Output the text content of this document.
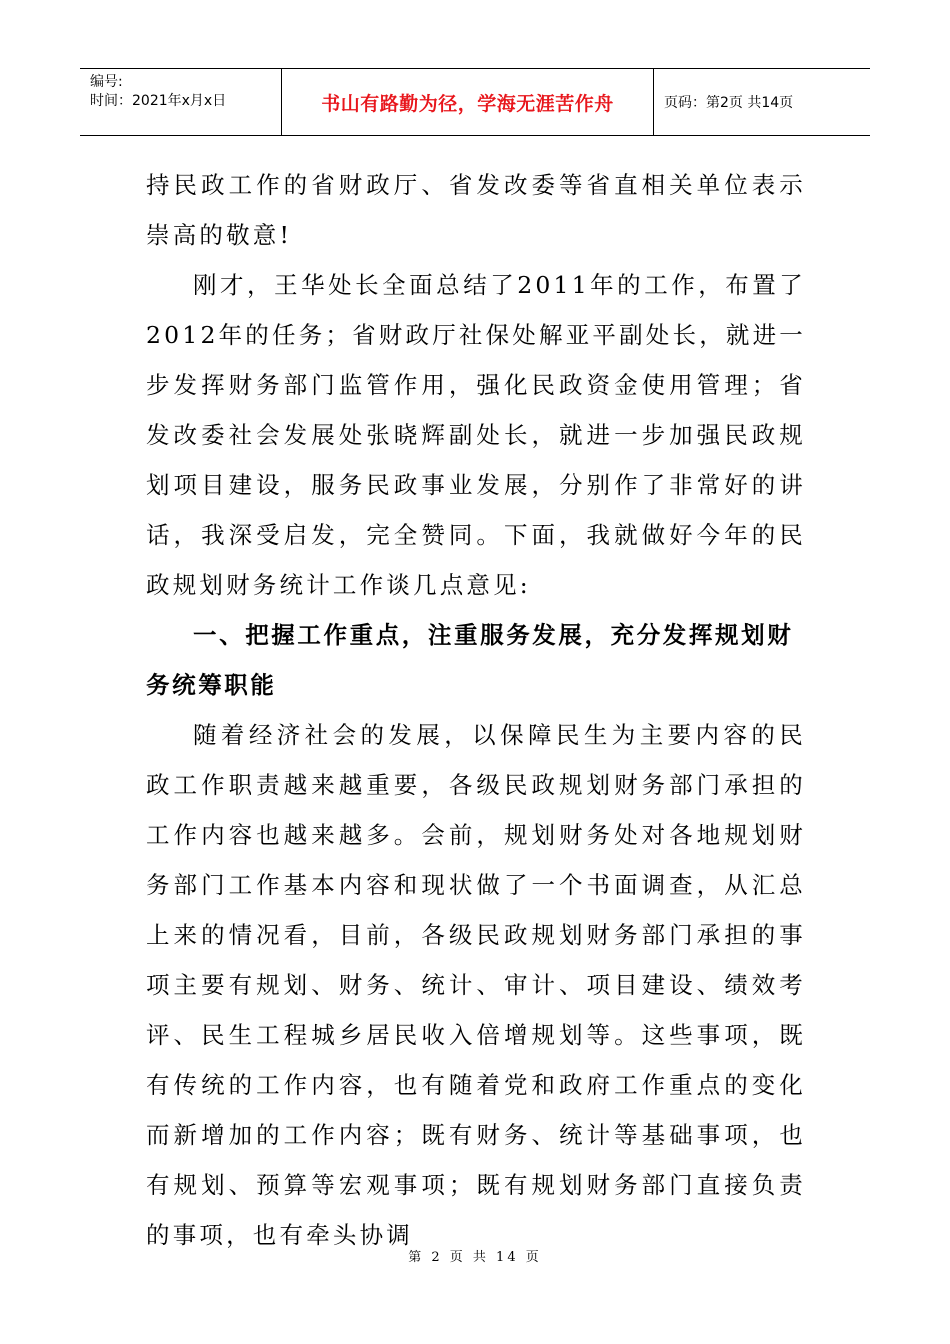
编号:
时间：2021年x月x日	书山有路勤为径，学海无涯苦作舟	页码：第2页 共14页

持民政工作的省财政厅、省发改委等省直相关单位表示崇高的敬意!

刚才，王华处长全面总结了2011年的工作，布置了2012年的任务；省财政厅社保处解亚平副处长，就进一步发挥财务部门监管作用，强化民政资金使用管理；省发改委社会发展处张晓辉副处长，就进一步加强民政规划项目建设，服务民政事业发展，分别作了非常好的讲话，我深受启发，完全赞同。下面，我就做好今年的民政规划财务统计工作谈几点意见:

一、把握工作重点，注重服务发展，充分发挥规划财务统筹职能

随着经济社会的发展，以保障民生为主要内容的民政工作职责越来越重要，各级民政规划财务部门承担的工作内容也越来越多。会前，规划财务处对各地规划财务部门工作基本内容和现状做了一个书面调查，从汇总上来的情况看，目前，各级民政规划财务部门承担的事项主要有规划、财务、统计、审计、项目建设、绩效考评、民生工程城乡居民收入倍增规划等。这些事项，既有传统的工作内容，也有随着党和政府工作重点的变化而新增加的工作内容；既有财务、统计等基础事项，也有规划、预算等宏观事项；既有规划财务部门直接负责的事项，也有牵头协调

第 2 页 共 14 页
